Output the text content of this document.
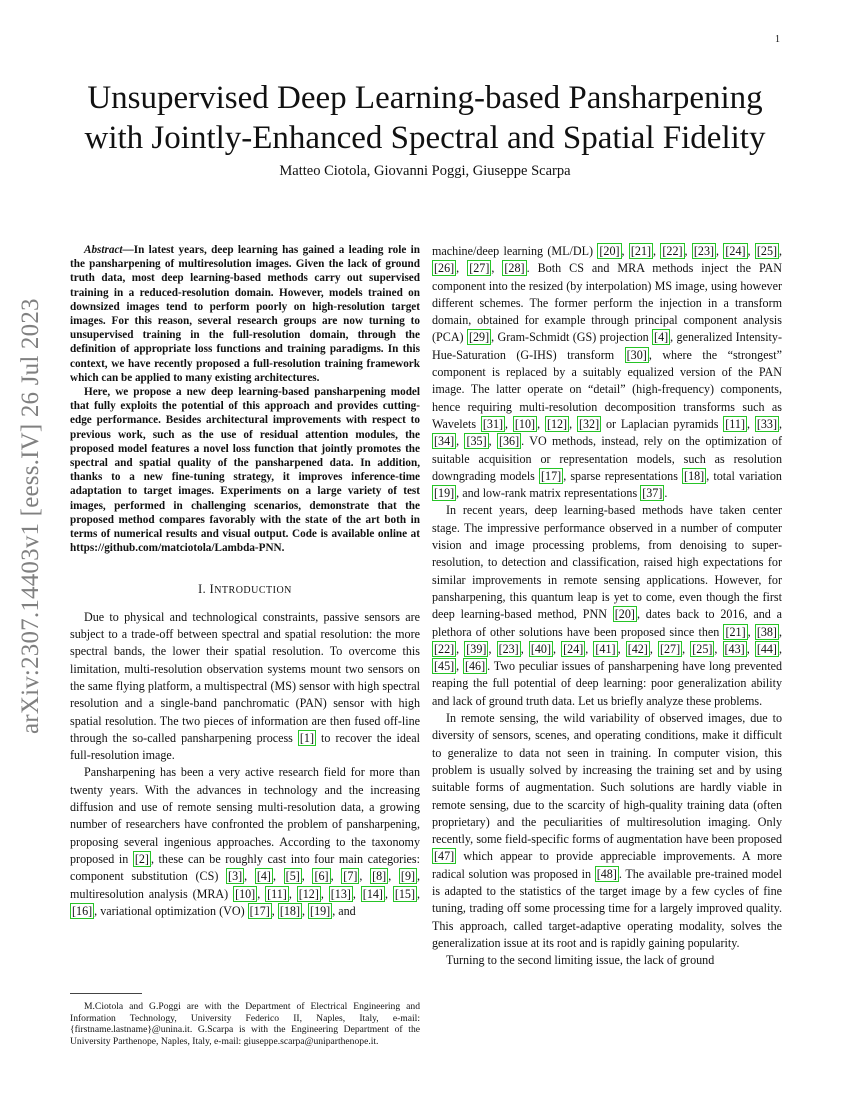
1
arXiv:2307.14403v1 [eess.IV] 26 Jul 2023
Unsupervised Deep Learning-based Pansharpening
with Jointly-Enhanced Spectral and Spatial Fidelity
Matteo Ciotola, Giovanni Poggi, Giuseppe Scarpa

Abstract—In latest years, deep learning has gained a leading role in the pansharpening of multiresolution images. Given the lack of ground truth data, most deep learning-based methods carry out supervised training in a reduced-resolution domain. However, models trained on downsized images tend to perform poorly on high-resolution target images. For this reason, several research groups are now turning to unsupervised training in the full-resolution domain, through the definition of appropriate loss functions and training paradigms. In this context, we have recently proposed a full-resolution training framework which can be applied to many existing architectures.

Here, we propose a new deep learning-based pansharpening model that fully exploits the potential of this approach and provides cutting-edge performance. Besides architectural improvements with respect to previous work, such as the use of residual attention modules, the proposed model features a novel loss function that jointly promotes the spectral and spatial quality of the pansharpened data. In addition, thanks to a new fine-tuning strategy, it improves inference-time adaptation to target images. Experiments on a large variety of test images, performed in challenging scenarios, demonstrate that the proposed method compares favorably with the state of the art both in terms of numerical results and visual output. Code is available online at https://github.com/matciotola/Lambda-PNN.

I. INTRODUCTION

Due to physical and technological constraints, passive sensors are subject to a trade-off between spectral and spatial resolution: the more spectral bands, the lower their spatial resolution. To overcome this limitation, multi-resolution observation systems mount two sensors on the same flying platform, a multispectral (MS) sensor with high spectral resolution and a single-band panchromatic (PAN) sensor with high spatial resolution. The two pieces of information are then fused off-line through the so-called pansharpening process [1] to recover the ideal full-resolution image.

Pansharpening has been a very active research field for more than twenty years. With the advances in technology and the increasing diffusion and use of remote sensing multi-resolution data, a growing number of researchers have confronted the problem of pansharpening, proposing several ingenious approaches. According to the taxonomy proposed in [2] , these can be roughly cast into four main categories: component substitution (CS) [3] , [4] , [5] , [6] , [7] , [8] , [9] , multiresolution analysis (MRA) [10] , [11] , [12] , [13] , [14] , [15] , [16] , variational optimization (VO) [17] , [18] , [19] , and

M.Ciotola and G.Poggi are with the Department of Electrical Engineering and Information Technology, University Federico II, Naples, Italy, e-mail: {firstname.lastname}@unina.it. G.Scarpa is with the Engineering Department of the University Parthenope, Naples, Italy, e-mail: giuseppe.scarpa@uniparthenope.it.

machine/deep learning (ML/DL) [20] , [21] , [22] , [23] , [24] , [25] , [26] , [27] , [28] . Both CS and MRA methods inject the PAN component into the resized (by interpolation) MS image, using however different schemes. The former perform the injection in a transform domain, obtained for example through principal component analysis (PCA) [29] , Gram-Schmidt (GS) projection [4] , generalized Intensity-Hue-Saturation (G-IHS) transform [30] , where the “strongest” component is replaced by a suitably equalized version of the PAN image. The latter operate on “detail” (high-frequency) components, hence requiring multi-resolution decomposition transforms such as Wavelets [31] , [10] , [12] , [32] or Laplacian pyramids [11] , [33] , [34] , [35] , [36] . VO methods, instead, rely on the optimization of suitable acquisition or representation models, such as resolution downgrading models [17] , sparse representations [18] , total variation [19] , and low-rank matrix representations [37] .

In recent years, deep learning-based methods have taken center stage. The impressive performance observed in a number of computer vision and image processing problems, from denoising to super-resolution, to detection and classification, raised high expectations for similar improvements in remote sensing applications. However, for pansharpening, this quantum leap is yet to come, even though the first deep learning-based method, PNN [20] , dates back to 2016, and a plethora of other solutions have been proposed since then [21] , [38] , [22] , [39] , [23] , [40] , [24] , [41] , [42] , [27] , [25] , [43] , [44] , [45] , [46] . Two peculiar issues of pansharpening have long prevented reaping the full potential of deep learning: poor generalization ability and lack of ground truth data. Let us briefly analyze these problems.

In remote sensing, the wild variability of observed images, due to diversity of sensors, scenes, and operating conditions, make it difficult to generalize to data not seen in training. In computer vision, this problem is usually solved by increasing the training set and by using suitable forms of augmentation. Such solutions are hardly viable in remote sensing, due to the scarcity of high-quality training data (often proprietary) and the peculiarities of multiresolution imaging. Only recently, some field-specific forms of augmentation have been proposed [47] which appear to provide appreciable improvements. A more radical solution was proposed in [48] . The available pre-trained model is adapted to the statistics of the target image by a few cycles of fine tuning, trading off some processing time for a largely improved quality. This approach, called target-adaptive operating modality, solves the generalization issue at its root and is rapidly gaining popularity.

Turning to the second limiting issue, the lack of ground
